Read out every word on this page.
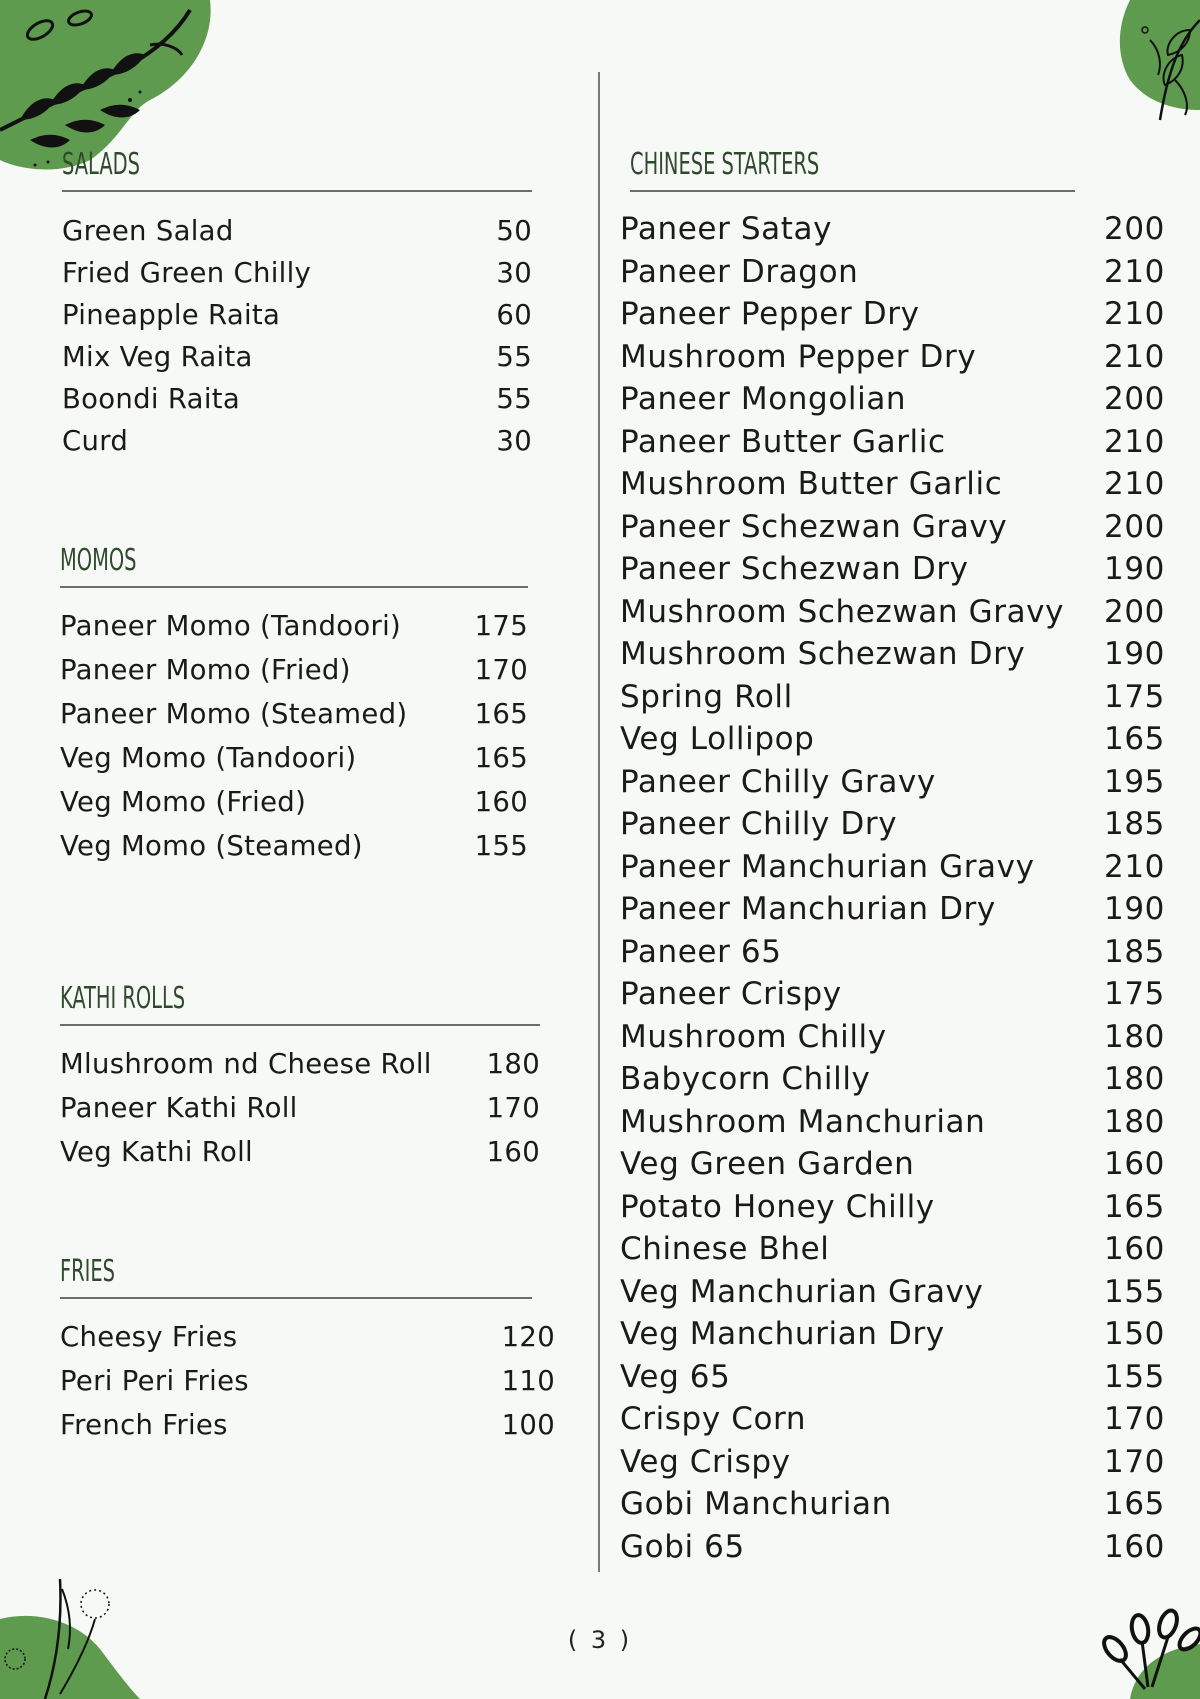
SALADS
Green Salad	50
Fried Green Chilly	30
Pineapple Raita	60
Mix Veg Raita	55
Boondi Raita	55
Curd	30
MOMOS
Paneer Momo (Tandoori)	175
Paneer Momo (Fried)	170
Paneer Momo (Steamed) 165
Veg Momo (Tandoori)	165
Veg Momo (Fried)	160
Veg Momo (Steamed)	155
KATHI ROLLS
Mlushroom nd Cheese Roll 180
Paneer Kathi Roll	170
Veg Kathi Roll	160
FRIES
Cheesy Fries	120
Peri Peri Fries	110
French Fries	100
CHINESE STARTERS
Paneer Satay	200
Paneer Dragon	210
Paneer Pepper Dry	210
Mushroom Pepper Dry	210
Paneer Mongolian	200
Paneer Butter Garlic	210
Mushroom Butter Garlic	210
Paneer Schezwan Gravy	200
Paneer Schezwan Dry	190
Mushroom Schezwan Gravy 200
Mushroom Schezwan Dry	190
Spring Roll	175
Veg Lollipop	165
Paneer Chilly Gravy	195
Paneer Chilly Dry	185
Paneer Manchurian Gravy 210
Paneer Manchurian Dry	190
Paneer 65	185
Paneer Crispy	175
Mushroom Chilly	180
Babycorn Chilly	180
Mushroom Manchurian	180
Veg Green Garden	160
Potato Honey Chilly	165
Chinese Bhel	160
Veg Manchurian Gravy	155
Veg Manchurian Dry	150
Veg 65	155
Crispy Corn	170
Veg Crispy	170
Gobi Manchurian	165
Gobi 65	160
( 3 )
